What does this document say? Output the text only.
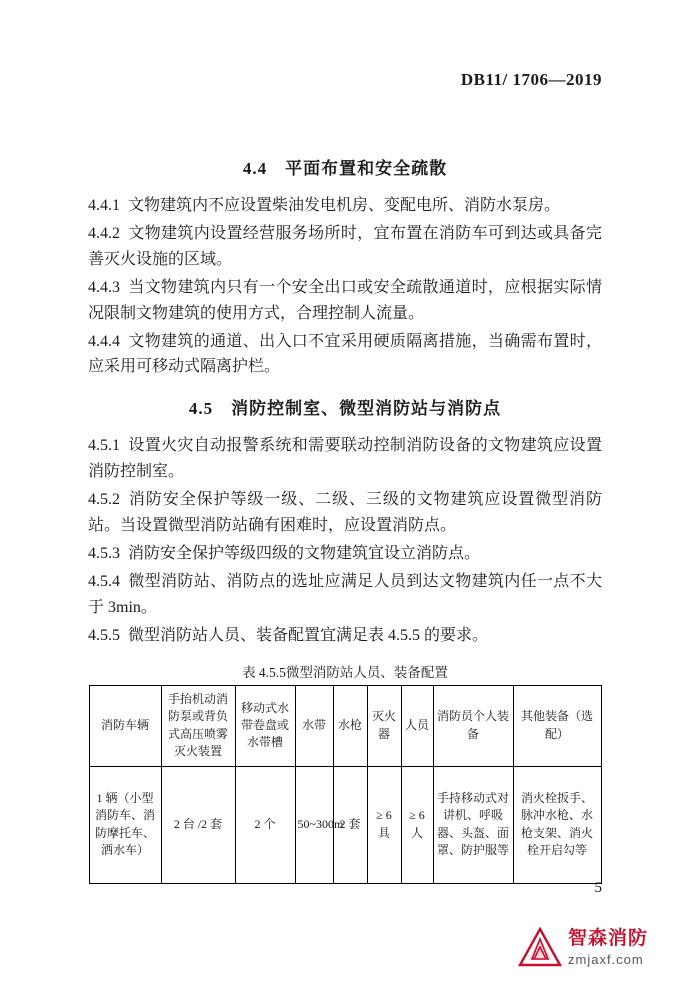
DB11/ 1706—2019
4.4 平面布置和安全疏散

4.4.1 文物建筑内不应设置柴油发电机房、变配电所、消防水泵房。

4.4.2 文物建筑内设置经营服务场所时，宜布置在消防车可到达或具备完善灭火设施的区域。

4.4.3 当文物建筑内只有一个安全出口或安全疏散通道时，应根据实际情况限制文物建筑的使用方式，合理控制人流量。

4.4.4 文物建筑的通道、出入口不宜采用硬质隔离措施，当确需布置时，应采用可移动式隔离护栏。

4.5 消防控制室、微型消防站与消防点

4.5.1 设置火灾自动报警系统和需要联动控制消防设备的文物建筑应设置消防控制室。

4.5.2 消防安全保护等级一级、二级、三级的文物建筑应设置微型消防站。当设置微型消防站确有困难时，应设置消防点。

4.5.3 消防安全保护等级四级的文物建筑宜设立消防点。

4.5.4 微型消防站、消防点的选址应满足人员到达文物建筑内任一点不大于 3min。

4.5.5 微型消防站人员、装备配置宜满足表 4.5.5 的要求。

表 4.5.5微型消防站人员、装备配置
消防车辆	手抬机动消防泵或背负式高压喷雾灭火装置	移动式水带卷盘或水带槽	水带	水枪	灭火器	人员	消防员个人装备	其他装备（选配）
1 辆（小型消防车、消防摩托车、洒水车）	2 台 /2 套	2 个	50~300m	2 套	≥ 6 具	≥ 6 人	手持移动式对讲机、呼吸器、头盔、面罩、防护服等	消火栓扳手、脉冲水枪、水枪支架、消火栓开启勾等
5
智森消防
zmjaxf.com
